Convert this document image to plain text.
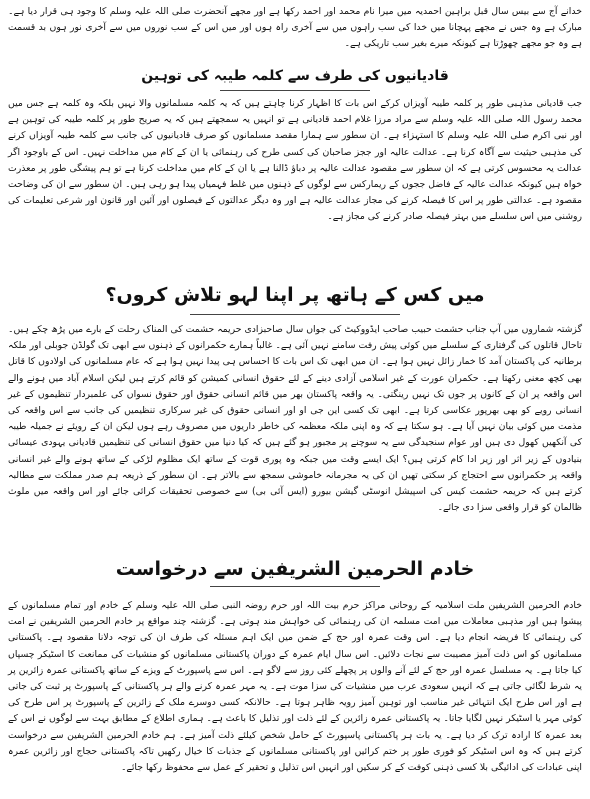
خدانے آج سے بیس سال قبل براہین احمدیہ میں میرا نام محمد اور احمد رکھا ہے اور مجھے آنحضرت صلی اللہ علیہ وسلم کا وجود ہی قرار دیا ہے۔ مبارک ہے وہ جس نے مجھے پہچانا میں خدا کی سب راہوں میں سے آخری راہ ہوں اور میں اس کے سب نوروں میں سے آخری نور ہوں بد قسمت ہے وہ جو مجھے چھوڑتا ہے کیونکہ میرے بغیر سب تاریکی ہے۔
قادیانیوں کی طرف سے کلمہ طیبہ کی توہین
جب قادیانی مذہبی طور پر کلمہ طیبہ آویزاں کرکے اس بات کا اظہار کرنا چاہتے ہیں کہ یہ کلمہ مسلمانوں والا نہیں بلکہ وہ کلمہ ہے جس میں محمد رسول اللہ صلی اللہ علیہ وسلم سے مراد مرزا غلام احمد قادیانی ہے تو انہیں یہ سمجھتے ہیں کہ یہ صریح طور پر کلمہ طیبہ کی توہین ہے اور نبی اکرم صلی اللہ علیہ وسلم کا استہزاء ہے۔ ان سطور سے ہمارا مقصد مسلمانوں کو صرف قادیانیوں کی جانب سے کلمہ طیبہ آویزاں کرنے کی مذہبی حیثیت سے آگاہ کرنا ہے۔ عدالت عالیہ اور ججز صاحبان کی کسی طرح کی رہنمائی یا ان کے کام میں مداخلت نہیں۔ اس کے باوجود اگر عدالت یہ محسوس کرتی ہے کہ ان سطور سے مقصود عدالت عالیہ پر دباؤ ڈالنا ہے یا ان کے کام میں مداخلت کرنا ہے تو ہم پیشگی طور پر معذرت خواہ ہیں کیونکہ عدالت عالیہ کے فاضل ججوں کے ریمارکس سے لوگوں کے ذہنوں میں غلط فہمیاں پیدا ہو رہی ہیں۔ ان سطور سے ان کی وضاحت مقصود ہے۔ عدالتی طور پر اس کا فیصلہ کرنے کی مجاز عدالت عالیہ ہے اور وہ دیگر عدالتوں کے فیصلوں اور آئین اور قانون اور شرعی تعلیمات کی روشنی میں اس سلسلے میں بہتر فیصلہ صادر کرنے کی مجاز ہے۔
میں کس کے ہاتھ پر اپنا لہو تلاش کروں؟
گزشتہ شماروں میں آپ جناب حشمت حبیب صاحب ایڈووکیٹ کی جواں سال صاحبزادی حریمہ حشمت کی المناک رحلت کے بارے میں پڑھ چکے ہیں۔ تاحال قاتلوں کی گرفتاری کے سلسلے میں کوئی پیش رفت سامنے نہیں آئی ہے۔ غالباً ہمارے حکمرانوں کے ذہنوں سے ابھی تک گولڈن جوبلی اور ملکہ برطانیہ کی پاکستان آمد کا خمار زائل نہیں ہوا ہے۔ ان میں ابھی تک اس بات کا احساس ہی پیدا نہیں ہوا ہے کہ عام مسلمانوں کی اولادوں کا قاتل بھی کچھ معنی رکھتا ہے۔ حکمران عورت کے غیر اسلامی آزادی دینے کے لئے حقوق انسانی کمیشن کو قائم کرتے ہیں لیکن اسلام آباد میں ہونے والے اس واقعہ پر ان کے کانوں پر جوں تک نہیں رینگتی۔ یہ واقعہ پاکستان بھر میں قائم انسانی حقوق اور حقوق نسواں کی علمبردار تنظیموں کے غیر انسانی رویے کو بھی بھرپور عکاسی کرتا ہے۔ ابھی تک کسی این جی او اور انسانی حقوق کی غیر سرکاری تنظیمیں کی جانب سے اس واقعہ کی مذمت میں کوئی بیان نہیں آیا ہے۔ ہو سکتا ہے کہ وہ اپنی ملکہ معظمہ کی خاطر داریوں میں مصروف رہے ہوں لیکن ان کے رویئے نے جمیلہ طیبہ کی آنکھیں کھول دی ہیں اور عوام سنجیدگی سے یہ سوچنے پر مجبور ہو گئے ہیں کہ کیا دنیا میں حقوق انسانی کی تنظیمیں قادیانی یہودی عیسائی بنیادوں کے زیر اثر اور زیر ادا کام کرتی ہیں؟ ایک ایسے وقت میں جبکہ وہ پوری قوت کے ساتھ ایک مظلوم لڑکی کے ساتھ ہونے والے غیر انسانی واقعہ پر حکمرانوں سے احتجاج کر سکتی تھیں ان کی یہ مجرمانہ خاموشی سمجھ سے بالاتر ہے۔ ان سطور کے ذریعہ ہم صدر مملکت سے مطالبہ کرتے ہیں کہ حریمہ حشمت کیس کی اسپیشل انوسٹی گیشن بیورو (ایس آئی بی) سے خصوصی تحقیقات کرائی جائے اور اس واقعہ میں ملوث ظالمان کو قرار واقعی سزا دی جائے۔
خادم الحرمین الشریفین سے درخواست
خادم الحرمین الشریفین ملت اسلامیہ کے روحانی مراکز حرم بیت اللہ اور حرم روضہ النبی صلی اللہ علیہ وسلم کے خادم اور تمام مسلمانوں کے پیشوا ہیں اور مذہبی معاملات میں امت مسلمہ ان کی رہنمائی کی خواہش مند ہوتی ہے۔ گزشتہ چند مواقع پر خادم الحرمین الشریفین نے امت کی رہنمائی کا فریضہ انجام دیا ہے۔ اس وقت عمرہ اور حج کے ضمن میں ایک اہم مسئلہ کی طرف ان کی توجہ دلانا مقصود ہے۔ پاکستانی مسلمانوں کو اس ذلت آمیز مصیبت سے نجات دلائیں۔ اس سال ایام عمرہ کے دوران پاکستانی مسلمانوں کو منشیات کی ممانعت کا اسٹیکر چسپاں کیا جاتا ہے۔ یہ مسلسل عمرہ اور حج کے لئے آنے والوں پر پچھلے کئی روز سے لاگو ہے۔ اس سے پاسپورٹ کے ویزے کے ساتھ پاکستانی عمرہ زائرین پر یہ شرط لگائی جاتی ہے کہ انہیں سعودی عرب میں منشیات کی سزا موت ہے۔ یہ مہر عمرہ کرنے والے ہر پاکستانی کے پاسپورٹ پر ثبت کی جاتی ہے اور اس طرح ایک انتہائی غیر مناسب اور توہین آمیز رویہ ظاہر ہوتا ہے۔ حالانکہ کسی دوسرے ملک کے زائرین کے پاسپورٹ پر اس طرح کی کوئی مہر یا اسٹیکر نہیں لگایا جاتا۔ یہ پاکستانی عمرہ زائرین کے لئے ذلت اور تذلیل کا باعث ہے۔ ہماری اطلاع کے مطابق بہت سے لوگوں نے اس کے بعد عمرہ کا ارادہ ترک کر دیا ہے۔ یہ بات ہر پاکستانی پاسپورٹ کے حامل شخص کیلئے ذلت آمیز ہے۔ ہم خادم الحرمین الشریفین سے درخواست کرتے ہیں کہ وہ اس اسٹیکر کو فوری طور پر ختم کرائیں اور پاکستانی مسلمانوں کے جذبات کا خیال رکھیں تاکہ پاکستانی حجاج اور زائرین عمرہ اپنی عبادات کی ادائیگی بلا کسی ذہنی کوفت کے کر سکیں اور انہیں اس تذلیل و تحقیر کے عمل سے محفوظ رکھا جائے۔
